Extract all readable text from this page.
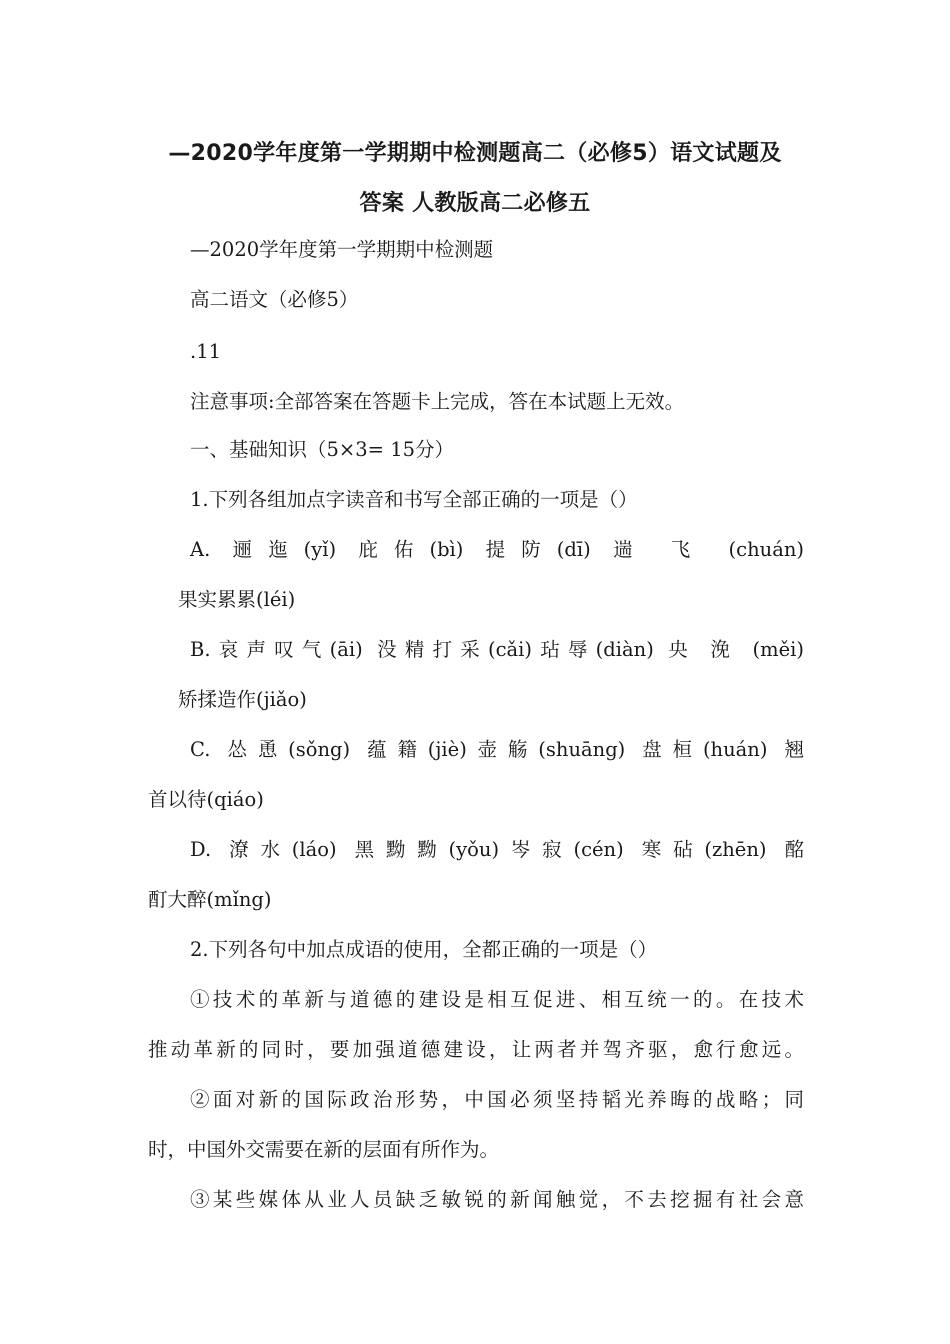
—2020学年度第一学期期中检测题高二（必修5）语文试题及
答案 人教版高二必修五

—2020学年度第一学期期中检测题

高二语文（必修5）

.11

注意事项:全部答案在答题卡上完成，答在本试题上无效。

一、基础知识（5×3= 15分）

1.下列各组加点字读音和书写全部正确的一项是（）

A. 逦迤(yǐ) 庇佑(bì) 提防(dī) 遄 飞 (chuán)

果实累累(léi)

B.哀声叹气(āi) 没精打采(cǎi)玷辱(diàn) 央 浼 (měi)

矫揉造作(jiǎo)

C. 怂恿(sǒng) 蕴籍(jiè)壶觞(shuāng) 盘桓(huán) 翘

首以待(qiáo)

D. 潦水(láo) 黑黝黝(yǒu)岑寂(cén) 寒砧(zhēn) 酩

酊大醉(mǐng)

2.下列各句中加点成语的使用，全都正确的一项是（）

①技术的革新与道德的建设是相互促进、相互统一的。在技术

推动革新的同时，要加强道德建设，让两者并驾齐驱，愈行愈远。

②面对新的国际政治形势，中国必须坚持韬光养晦的战略；同

时，中国外交需要在新的层面有所作为。

③某些媒体从业人员缺乏敏锐的新闻触觉，不去挖掘有社会意
